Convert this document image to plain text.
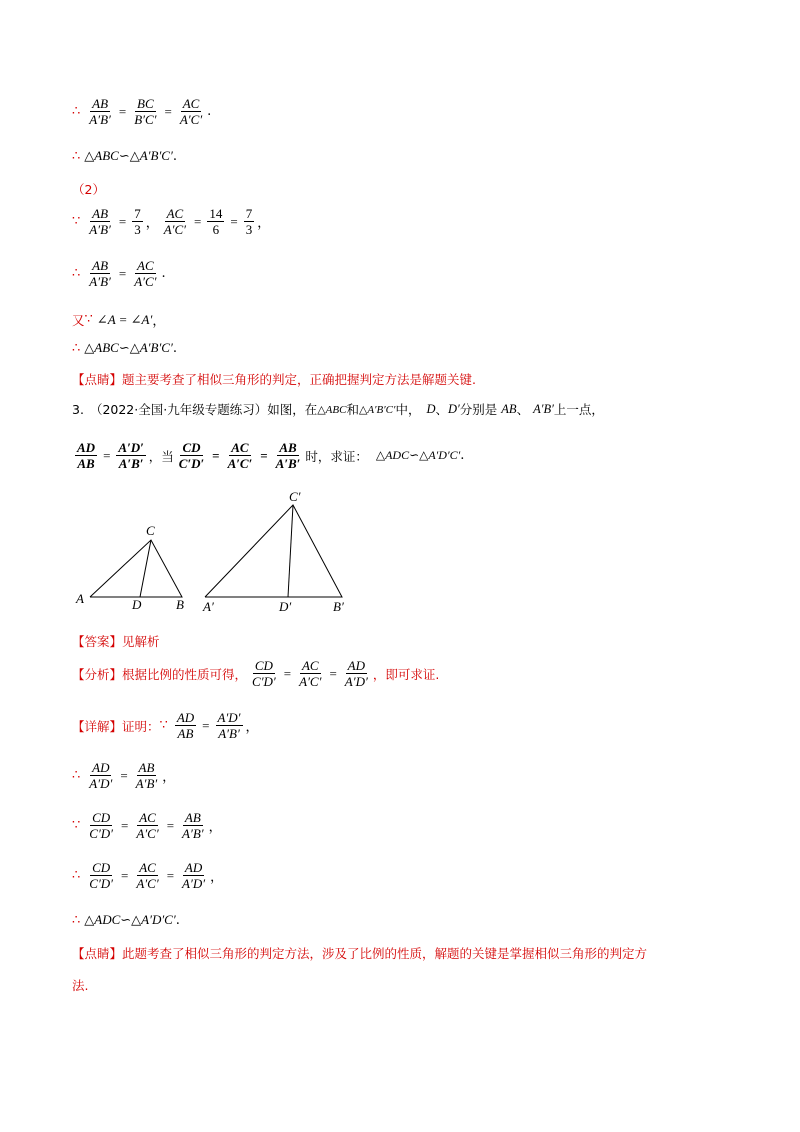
∴ $\frac{AB}{A'B'} = \frac{BC}{B'C'} = \frac{AC}{A'C'}$ .
∴ △ABC∽△A′B′C′ .
（2）
∵ $\frac{AB}{A'B'} = \frac{7}{3}$ ， $\frac{AC}{A'C'} = \frac{14}{6} = \frac{7}{3}$ ，
∴ $\frac{AB}{A'B'} = \frac{AC}{A'C'}$ .
又 ∵ ∠A = ∠A′ ，
∴ △ABC∽△A′B′C′ .
【点睛】 题主要考查了相似三角形的判定，正确把握判定方法是解题关键.
3. （2022·全国·九年级专题练习）如图，在 △ABC 和 △A′B′C′ 中， D 、 D′ 分别是 AB 、 A′B′ 上一点，
$\frac{AD}{AB} = \frac{A'D'}{A'B'}$ ，当 $\frac{CD}{C'D'} = \frac{AC}{A'C'} = \frac{AB}{A'B'}$ 时，求证： △ADC∽△A′D′C′ .
A
C
D	B A′
C′
D′	B′
【答案】 见解析
【分析】 根据比例的性质可得， $\frac{CD}{C'D'} = \frac{AC}{A'C'} = \frac{AD}{A'D'}$ ，即可求证.
【详解】 证明： ∵ $\frac{AD}{AB} = \frac{A'D'}{A'B'}$ ，
∴ $\frac{AD}{A'D'} = \frac{AB}{A'B'}$ ，
∵ $\frac{CD}{C'D'} = \frac{AC}{A'C'} = \frac{AB}{A'B'}$ ，
∴ $\frac{CD}{C'D'} = \frac{AC}{A'C'} = \frac{AD}{A'D'}$ ，
∴ △ADC∽△A′D′C′ .
【点睛】 此题考查了相似三角形的判定方法，涉及了比例的性质，解题的关键是掌握相似三角形的判定方
法.
